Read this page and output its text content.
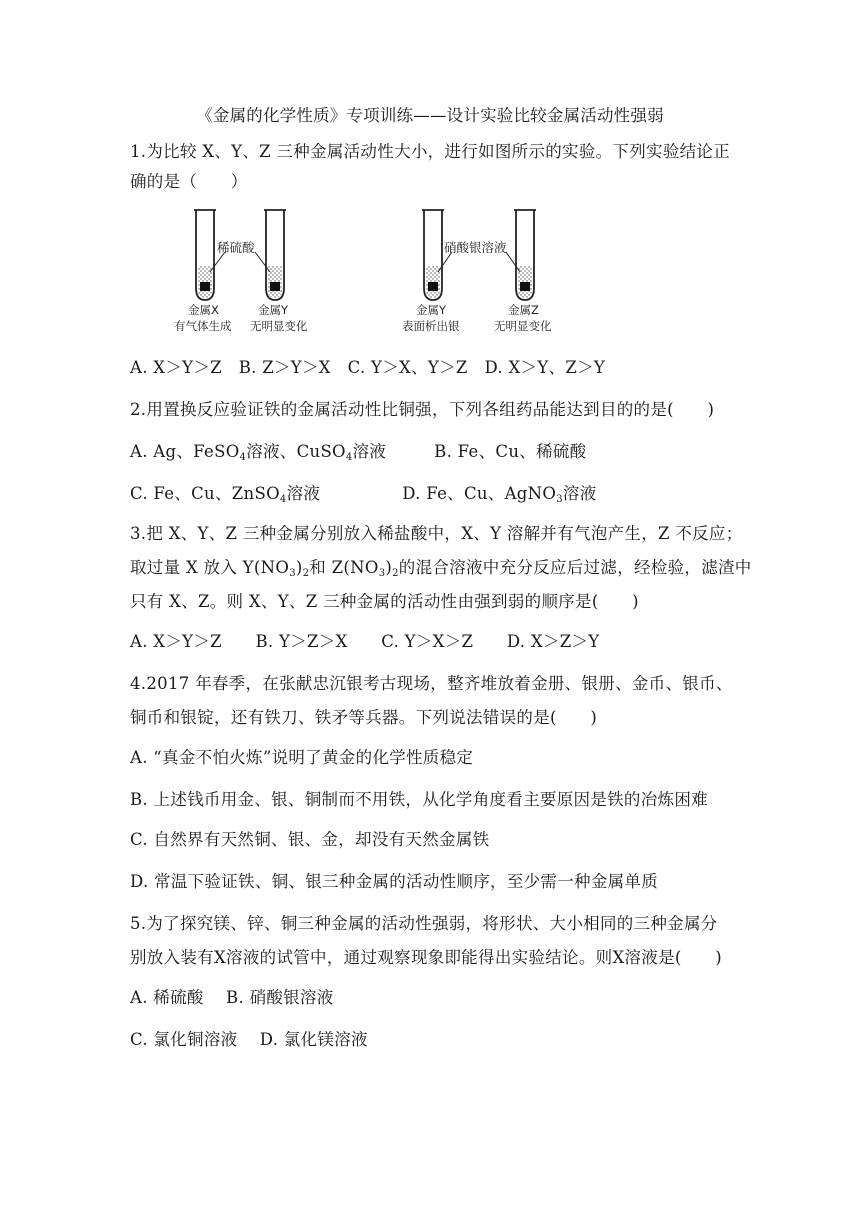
《金属的化学性质》专项训练——设计实验比较金属活动性强弱
1.为比较 X、Y、Z 三种金属活动性大小，进行如图所示的实验。下列实验结论正
确的是（　　）
稀硫酸
金属X
有气体生成
金属Y
无明显变化
硝酸银溶液
金属Y
表面析出银
金属Z
无明显变化
A. X＞Y＞Z　B. Z＞Y＞X　C. Y＞X、Y＞Z　D. X＞Y、Z＞Y
2.用置换反应验证铁的金属活动性比铜强，下列各组药品能达到目的的是(　　)
A. Ag、FeSO$_4$溶液、CuSO$_4$溶液	B. Fe、Cu、稀硫酸
C. Fe、Cu、ZnSO$_4$溶液	D. Fe、Cu、AgNO$_3$溶液
3.把 X、Y、Z 三种金属分别放入稀盐酸中，X、Y 溶解并有气泡产生，Z 不反应；
取过量 X 放入 $Y(NO_3)_2$和 $Z(NO_3)_2$的混合溶液中充分反应后过滤，经检验，滤渣中
只有 X、Z。则 X、Y、Z 三种金属的活动性由强到弱的顺序是(　　)
A. X＞Y＞Z　　B. Y＞Z＞X　　C. Y＞X＞Z　　D. X＞Z＞Y
4.2017 年春季，在张献忠沉银考古现场，整齐堆放着金册、银册、金币、银币、
铜币和银锭，还有铁刀、铁矛等兵器。下列说法错误的是(　　)
A. “真金不怕火炼”说明了黄金的化学性质稳定
B. 上述钱币用金、银、铜制而不用铁，从化学角度看主要原因是铁的冶炼困难
C. 自然界有天然铜、银、金，却没有天然金属铁
D. 常温下验证铁、铜、银三种金属的活动性顺序，至少需一种金属单质
5.为了探究镁、锌、铜三种金属的活动性强弱，将形状、大小相同的三种金属分
别放入装有X溶液的试管中，通过观察现象即能得出实验结论。则X溶液是(　　)
A. 稀硫酸　 B. 硝酸银溶液
C. 氯化铜溶液　 D. 氯化镁溶液
